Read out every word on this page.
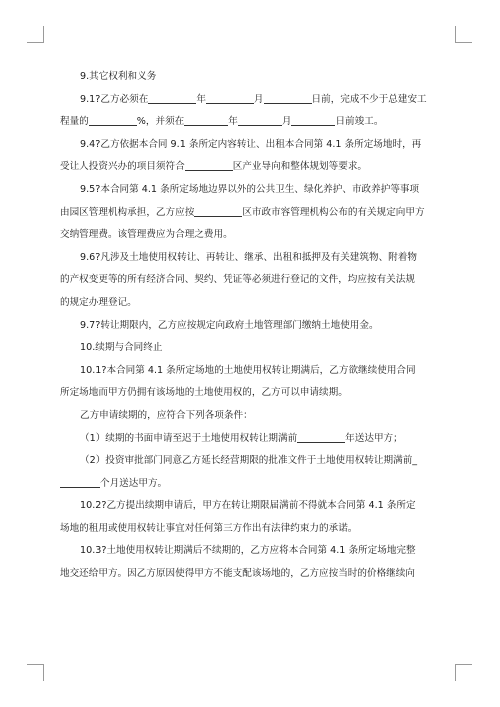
9.其它权利和义务
9.1?乙方必须在	年	月	日前，完成不少于总建安工
程量的	%，并须在	年	月	日前竣工。
9.4?乙方依据本合同 9.1 条所定内容转让、出租本合同第 4.1 条所定场地时，再
受让人投资兴办的项目须符合	区产业导向和整体规划等要求。
9.5?本合同第 4.1 条所定场地边界以外的公共卫生、绿化养护、市政养护等事项
由园区管理机构承担，乙方应按	区市政市容管理机构公布的有关规定向甲方
交纳管理费。该管理费应为合理之费用。
9.6?凡涉及土地使用权转让、再转让、继承、出租和抵押及有关建筑物、附着物
的产权变更等的所有经济合同、契约、凭证等必须进行登记的文件，均应按有关法规
的规定办理登记。
9.7?转让期限内，乙方应按规定向政府土地管理部门缴纳土地使用金。
10.续期与合同终止
10.1?本合同第 4.1 条所定场地的土地使用权转让期满后，乙方欲继续使用合同
所定场地而甲方仍拥有该场地的土地使用权的，乙方可以申请续期。
乙方申请续期的，应符合下列各项条件：
（1）续期的书面申请至迟于土地使用权转让期满前	年送达甲方；
（2）投资审批部门同意乙方延长经营期限的批准文件于土地使用权转让期满前_
个月送达甲方。
10.2?乙方提出续期申请后，甲方在转让期限届满前不得就本合同第 4.1 条所定
场地的租用或使用权转让事宜对任何第三方作出有法律约束力的承诺。
10.3?土地使用权转让期满后不续期的，乙方应将本合同第 4.1 条所定场地完整
地交还给甲方。因乙方原因使得甲方不能支配该场地的，乙方应按当时的价格继续向
